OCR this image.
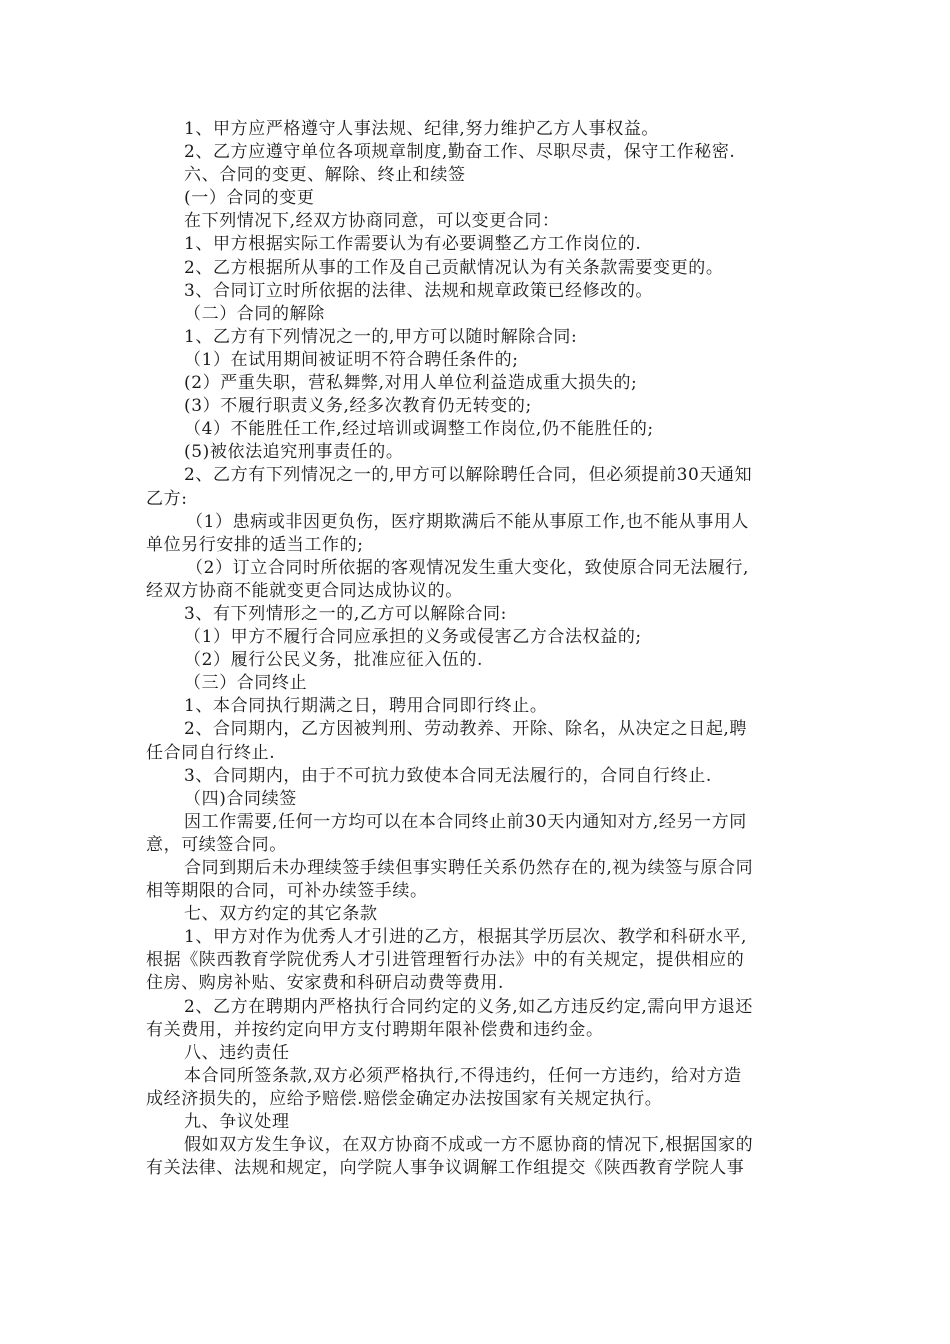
1、甲方应严格遵守人事法规、纪律,努力维护乙方人事权益。
2、乙方应遵守单位各项规章制度,勤奋工作、尽职尽责，保守工作秘密.
六、合同的变更、解除、终止和续签
(一）合同的变更
在下列情况下,经双方协商同意，可以变更合同：
1、甲方根据实际工作需要认为有必要调整乙方工作岗位的.
2、乙方根据所从事的工作及自己贡献情况认为有关条款需要变更的。
3、合同订立时所依据的法律、法规和规章政策已经修改的。
（二）合同的解除
1、乙方有下列情况之一的,甲方可以随时解除合同:
（1）在试用期间被证明不符合聘任条件的;
(2）严重失职，营私舞弊,对用人单位利益造成重大损失的;
(3）不履行职责义务,经多次教育仍无转变的;
（4）不能胜任工作,经过培训或调整工作岗位,仍不能胜任的;
(5)被依法追究刑事责任的。
2、乙方有下列情况之一的,甲方可以解除聘任合同，但必须提前30天通知
乙方:
（1）患病或非因更负伤，医疗期欺满后不能从事原工作,也不能从事用人
单位另行安排的适当工作的;
（2）订立合同时所依据的客观情况发生重大变化，致使原合同无法履行,
经双方协商不能就变更合同达成协议的。
3、有下列情形之一的,乙方可以解除合同:
（1）甲方不履行合同应承担的义务或侵害乙方合法权益的;
（2）履行公民义务，批准应征入伍的.
（三）合同终止
1、本合同执行期满之日，聘用合同即行终止。
2、合同期内，乙方因被判刑、劳动教养、开除、除名，从决定之日起,聘
任合同自行终止.
3、合同期内，由于不可抗力致使本合同无法履行的，合同自行终止.
（四)合同续签
因工作需要,任何一方均可以在本合同终止前30天内通知对方,经另一方同
意，可续签合同。
合同到期后未办理续签手续但事实聘任关系仍然存在的,视为续签与原合同
相等期限的合同，可补办续签手续。
七、双方约定的其它条款
1、甲方对作为优秀人才引进的乙方，根据其学历层次、教学和科研水平,
根据《陕西教育学院优秀人才引进管理暂行办法》中的有关规定，提供相应的
住房、购房补贴、安家费和科研启动费等费用.
2、乙方在聘期内严格执行合同约定的义务,如乙方违反约定,需向甲方退还
有关费用，并按约定向甲方支付聘期年限补偿费和违约金。
八、违约责任
本合同所签条款,双方必须严格执行,不得违约，任何一方违约，给对方造
成经济损失的，应给予赔偿.赔偿金确定办法按国家有关规定执行。
九、争议处理
假如双方发生争议，在双方协商不成或一方不愿协商的情况下,根据国家的
有关法律、法规和规定，向学院人事争议调解工作组提交《陕西教育学院人事
